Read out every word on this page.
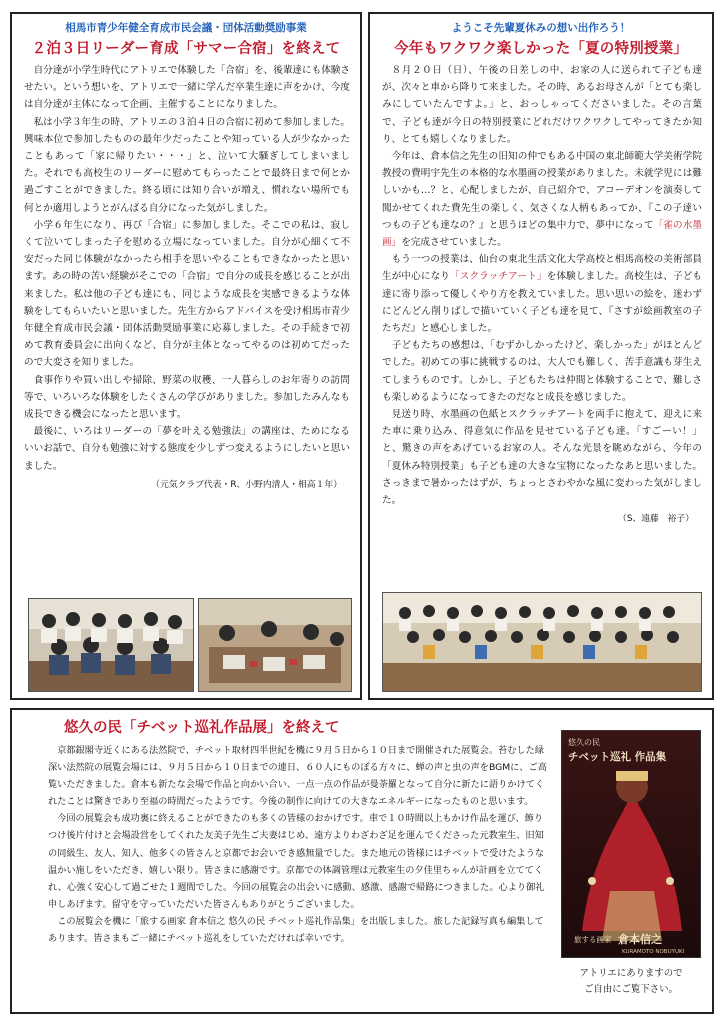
相馬市青少年健全育成市民会議・団体活動奨励事業
２泊３日リーダー育成「サマー合宿」を終えて

自分達が小学生時代にアトリエで体験した「合宿」を、後輩達にも体験させたい。という想いを、アトリエで一緒に学んだ卒業生達に声をかけ、今度は自分達が主体になって企画、主催することになりました。

私は小学３年生の時、アトリエの３泊４日の合宿に初めて参加しました。興味本位で参加したものの最年少だったことや知っている人が少なかったこともあって「家に帰りたい・・・」と、泣いて大騒ぎしてしまいました。それでも高校生のリーダーに慰めてもらったことで最終日まで何とか過ごすことができました。終る頃には知り合いが増え、慣れない場所でも何とか適用しようとがんばる自分になった気がしました。

小学６年生になり、再び「合宿」に参加しました。そこでの私は、寂しくて泣いてしまった子を慰める立場になっていました。自分が心細くて不安だった同じ体験がなかったら相手を思いやることもできなかったと思います。あの時の苦い経験がそこでの「合宿」で自分の成長を感じることが出来ました。私は他の子ども達にも、同じような成長を実感できるような体験をしてもらいたいと思いました。先生方からアドバイスを受け相馬市青少年健全育成市民会議・団体活動奨励事業に応募しました。その手続きで初めて教育委員会に出向くなど、自分が主体となってやるのは初めてだったので大変さを知りました。

食事作りや買い出しや掃除、野菜の収穫、一人暮らしのお年寄りの訪問等で、いろいろな体験をしたくさんの学びがありました。参加したみんなも成長できる機会になったと思います。

最後に、いろはリーダーの「夢を叶える勉強法」の講座は、ためになるいいお話で、自分も勉強に対する態度を少しずつ変えるようにしたいと思いました。

（元気クラブ代表・R、小野内清人・相高１年）
ようこそ先輩夏休みの想い出作ろう！
今年もワクワク楽しかった「夏の特別授業」

８月２０日（日）、午後の日差しの中、お家の人に送られて子ども達が、次々と車から降りて来ました。その時、あるお母さんが「とても楽しみにしていたんですよ。」と、おっしゃってくださいました。その言葉で、子ども達が今日の特別授業にどれだけワクワクしてやってきたか知り、とても嬉しくなりました。

今年は、倉本信之先生の旧知の仲でもある中国の東北師範大学美術学院教授の費明宇先生の本格的な水墨画の授業がありました。未就学児には難しいかも…？と、心配しましたが、自己紹介で、アコーデオンを演奏して聞かせてくれた費先生の楽しく、気さくな人柄もあってか、『この子達いつもの子ども達なの？』と思うほどの集中力で、夢中になって「雀の水墨画」を完成させていました。

もう一つの授業は、仙台の東北生活文化大学高校と相馬高校の美術部員生が中心になり「スクラッチアート」を体験しました。高校生は、子ども達に寄り添って優しくやり方を教えていました。思い思いの絵を、迷わずにどんどん削りばしで描いていく子ども達を見て、『さすが絵画教室の子たちだ』と感心しました。

子どもたちの感想は、「むずかしかったけど、楽しかった」がほとんどでした。初めての事に挑戦するのは、大人でも難しく、苦手意識も芽生えてしまうものです。しかし、子どもたちは仲間と体験することで、難しさも楽しめるようになってきたのだなと成長を感じました。

見送り時、水墨画の色紙とスクラッチアートを両手に抱えて、迎えに来た車に乗り込み、得意気に作品を見せている子ども達。「すごーい！」と、驚きの声をあげているお家の人。そんな光景を眺めながら、今年の「夏休み特別授業」も子ども達の大きな宝物になったなあと思いました。さっきまで暑かったはずが、ちょっとさわやかな風に変わった気がしました。

（S、遠藤　裕子）
悠久の民「チベット巡礼作品展」を終えて

京都銀閣寺近くにある法然院で、チベット取材四半世紀を機に９月５日から１０日まで開催された展覧会。苔むした緑深い法然院の展覧会場には、９月５日から１０日までの連日、６０人にものぼる方々に、蝉の声と虫の声をBGMに、ご高覧いただきました。倉本も新たな会場で作品と向かい合い、一点一点の作品が曼荼羅となって自分に新たに語りかけてくれたことは驚きであり至福の時間だったようです。今後の制作に向けての大きなエネルギーになったものと思います。

今回の展覧会も成功裏に終えることができたのも多くの皆様のおかげです。車で１０時間以上もかけ作品を運び、飾りつけ後片付けと会場設営をしてくれた友美子先生ご夫妻はじめ、遠方よりわざわざ足を運んでくださった元教室生、旧知の同級生、友人、知人、他多くの皆さんと京都でお会いでき感無量でした。また地元の皆様にはチベットで受けたような温かい施しをいただき、嬉しい限り。皆さまに感謝です。京都での体調管理は元教室生の夕佳里ちゃんが計画を立ててくれ、心強く安心して過ごせた１週間でした。今回の展覧会の出会いに感動、感激、感謝で帰路につきました。心より御礼申しあげます。留守を守っていただいた皆さんもありがとうございました。

この展覧会を機に「旅する画家 倉本信之 悠久の民 チベット巡礼作品集」を出版しました。旅した記録写真も編集してあります。皆さまもご一緒にチベット巡礼をしていただければ幸いです。

悠久の民
チベット巡礼 作品集
旅する画家 倉本信之
KURAMOTO NOBUYUKI
アトリエにありますので
ご自由にご覧下さい。
